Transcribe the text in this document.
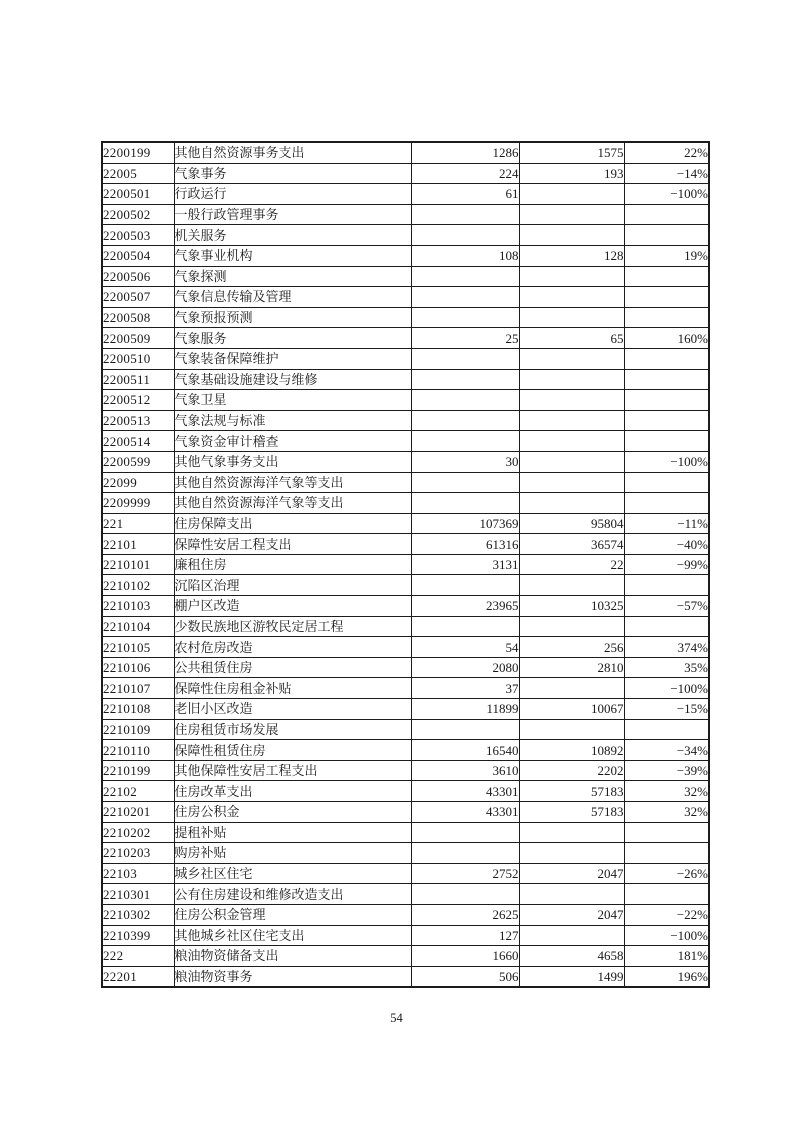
2200199	其他自然资源事务支出	1286	1575	22%
22005	气象事务	224	193	−14%
2200501	行政运行	61		−100%
2200502	一般行政管理事务			
2200503	机关服务			
2200504	气象事业机构	108	128	19%
2200506	气象探测			
2200507	气象信息传输及管理			
2200508	气象预报预测			
2200509	气象服务	25	65	160%
2200510	气象装备保障维护			
2200511	气象基础设施建设与维修			
2200512	气象卫星			
2200513	气象法规与标准			
2200514	气象资金审计稽查			
2200599	其他气象事务支出	30		−100%
22099	其他自然资源海洋气象等支出			
2209999	其他自然资源海洋气象等支出			
221	住房保障支出	107369	95804	−11%
22101	保障性安居工程支出	61316	36574	−40%
2210101	廉租住房	3131	22	−99%
2210102	沉陷区治理			
2210103	棚户区改造	23965	10325	−57%
2210104	少数民族地区游牧民定居工程			
2210105	农村危房改造	54	256	374%
2210106	公共租赁住房	2080	2810	35%
2210107	保障性住房租金补贴	37		−100%
2210108	老旧小区改造	11899	10067	−15%
2210109	住房租赁市场发展			
2210110	保障性租赁住房	16540	10892	−34%
2210199	其他保障性安居工程支出	3610	2202	−39%
22102	住房改革支出	43301	57183	32%
2210201	住房公积金	43301	57183	32%
2210202	提租补贴			
2210203	购房补贴			
22103	城乡社区住宅	2752	2047	−26%
2210301	公有住房建设和维修改造支出			
2210302	住房公积金管理	2625	2047	−22%
2210399	其他城乡社区住宅支出	127		−100%
222	粮油物资储备支出	1660	4658	181%
22201	粮油物资事务	506	1499	196%
54
